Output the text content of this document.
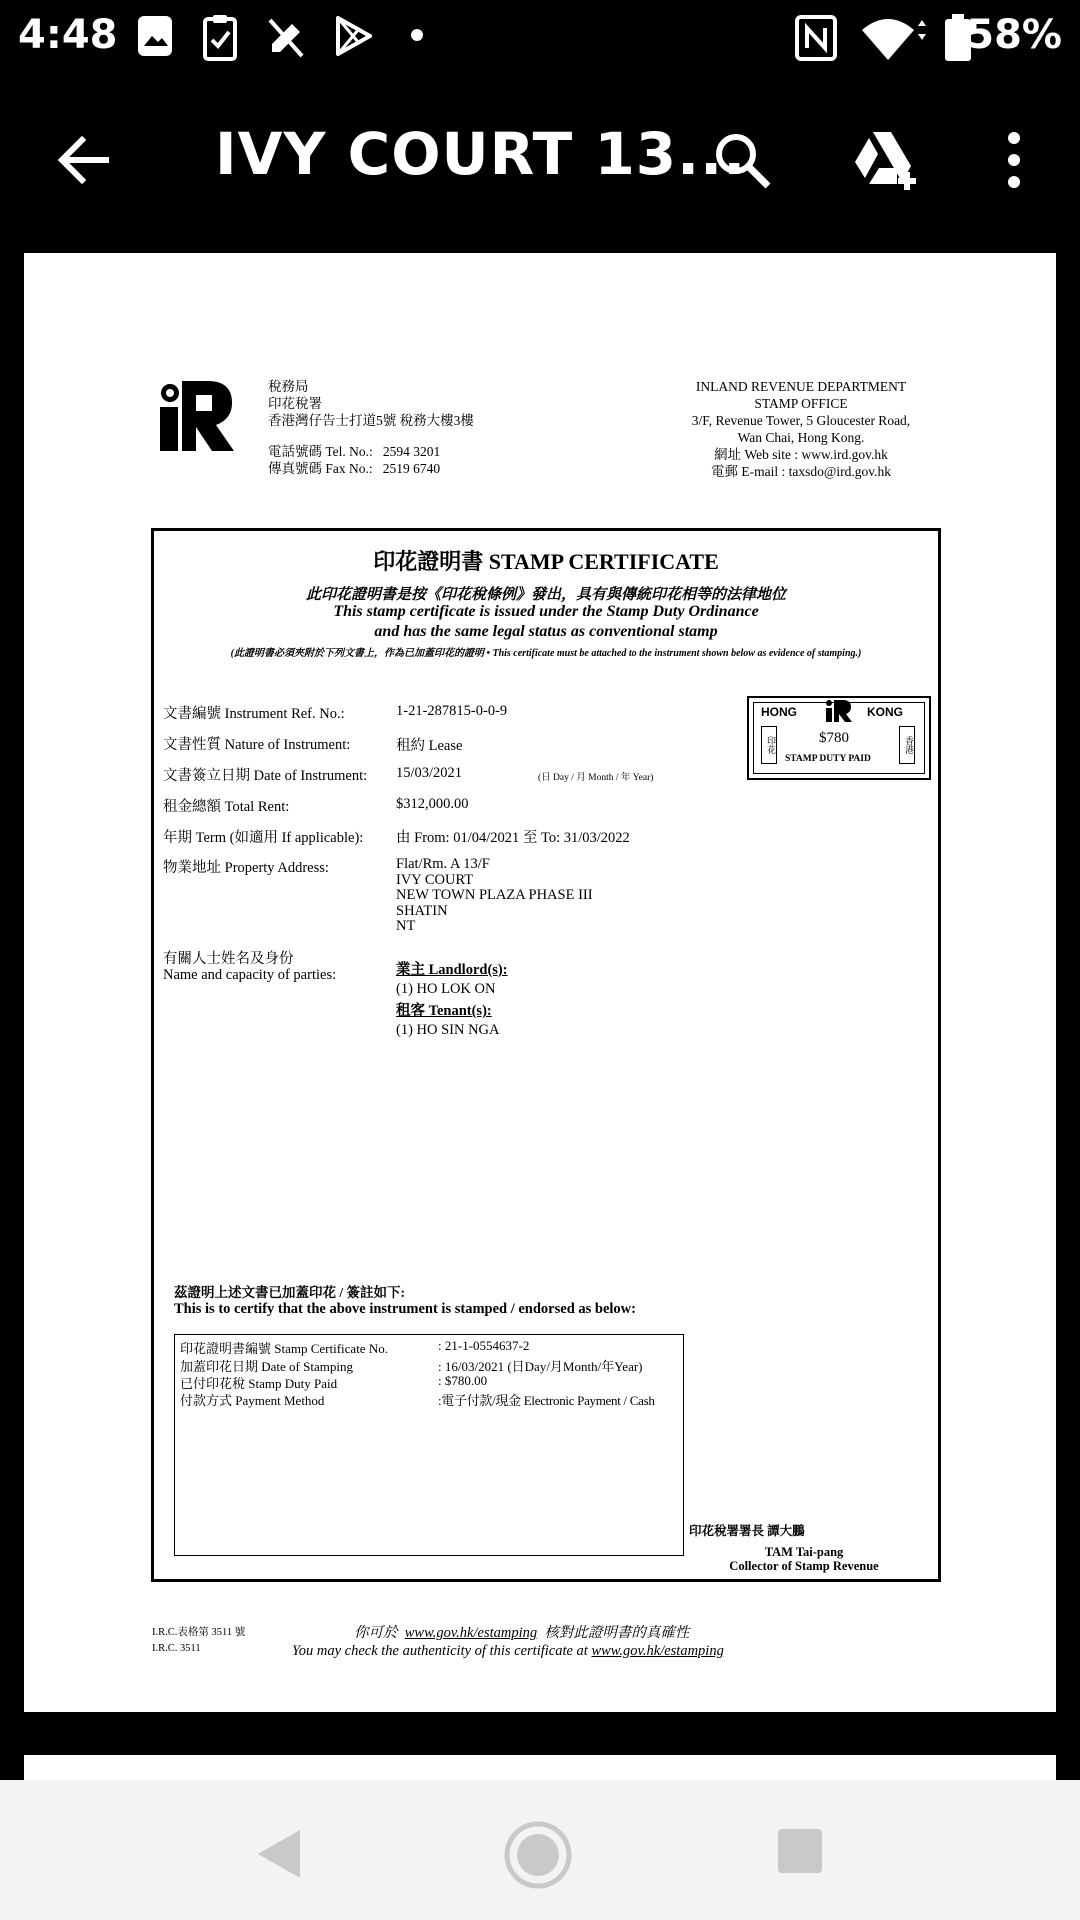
4:48	58%
IVY COURT 13...
稅務局
印花稅署
香港灣仔告士打道5號 稅務大樓3樓
電話號碼 Tel. No.: 2594 3201
傳真號碼 Fax No.: 2519 6740
INLAND REVENUE DEPARTMENT
STAMP OFFICE
3/F, Revenue Tower, 5 Gloucester Road,
Wan Chai, Hong Kong.
網址 Web site : www.ird.gov.hk
電郵 E-mail : taxsdo@ird.gov.hk
印花證明書 STAMP CERTIFICATE
此印花證明書是按《印花稅條例》發出，具有與傳統印花相等的法律地位
This stamp certificate is issued under the Stamp Duty Ordinance
and has the same legal status as conventional stamp
(此證明書必須夾附於下列文書上，作為已加蓋印花的證明 • This certificate must be attached to the instrument shown below as evidence of stamping.)
文書編號 Instrument Ref. No.:	1-21-287815-0-0-9
文書性質 Nature of Instrument:	租約 Lease
文書簽立日期 Date of Instrument: 15/03/2021	(日 Day / 月 Month / 年 Year)
租金總額 Total Rent:	$312,000.00
年期 Term (如適用 If applicable): 由 From: 01/04/2021 至 To: 31/03/2022
物業地址 Property Address:	Flat/Rm. A 13/F
IVY COURT
NEW TOWN PLAZA PHASE III
SHATIN
NT
有關人士姓名及身份
Name and capacity of parties:	業主 Landlord(s):
(1) HO LOK ON
租客 Tenant(s):
(1) HO SIN NGA
HONG	KONG
印花	$780	香港
STAMP DUTY PAID
茲證明上述文書已加蓋印花 / 簽註如下:
This is to certify that the above instrument is stamped / endorsed as below:
印花證明書編號 Stamp Certificate No.	: 21-1-0554637-2
加蓋印花日期 Date of Stamping	: 16/03/2021 (日Day/月Month/年Year)
已付印花稅 Stamp Duty Paid	: $780.00
付款方式 Payment Method	:電子付款/現金 Electronic Payment / Cash
印花稅署署長 譚大鵬
TAM Tai-pang
Collector of Stamp Revenue
I.R.C.表格第 3511 號
I.R.C. 3511
你可於 www.gov.hk/estamping 核對此證明書的真確性
You may check the authenticity of this certificate at www.gov.hk/estamping
